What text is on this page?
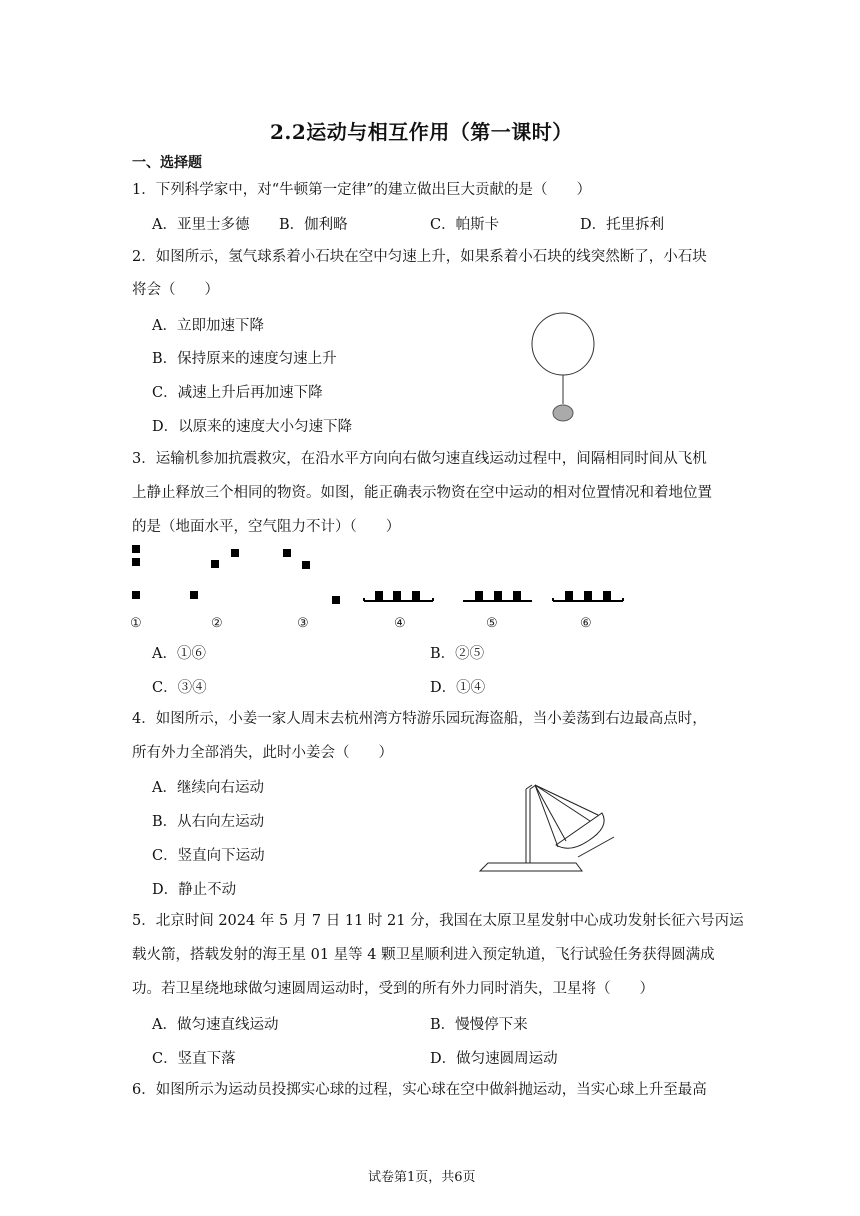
2.2运动与相互作用（第一课时）
一、选择题
1．下列科学家中，对“牛顿第一定律”的建立做出巨大贡献的是（　　）
A．亚里士多德 B．伽利略	C．帕斯卡	D．托里拆利
2．如图所示，氢气球系着小石块在空中匀速上升，如果系着小石块的线突然断了，小石块
将会（　　）
A．立即加速下降
B．保持原来的速度匀速上升
C．减速上升后再加速下降
D．以原来的速度大小匀速下降
3．运输机参加抗震救灾，在沿水平方向向右做匀速直线运动过程中，间隔相同时间从飞机
上静止释放三个相同的物资。如图，能正确表示物资在空中运动的相对位置情况和着地位置
的是（地面水平，空气阻力不计）（　　）
①	②	③	④	⑤	⑥
A．①⑥	B．②⑤
C．③④	D．①④
4．如图所示，小姜一家人周末去杭州湾方特游乐园玩海盗船，当小姜荡到右边最高点时，
所有外力全部消失，此时小姜会（　　）
A．继续向右运动
B．从右向左运动
C．竖直向下运动
D．静止不动
5．北京时间 2024 年 5 月 7 日 11 时 21 分，我国在太原卫星发射中心成功发射长征六号丙运
载火箭，搭载发射的海王星 01 星等 4 颗卫星顺利进入预定轨道，飞行试验任务获得圆满成
功。若卫星绕地球做匀速圆周运动时，受到的所有外力同时消失，卫星将（　　）
A．做匀速直线运动	B．慢慢停下来
C．竖直下落	D．做匀速圆周运动
6．如图所示为运动员投掷实心球的过程，实心球在空中做斜抛运动，当实心球上升至最高
试卷第1页，共6页
